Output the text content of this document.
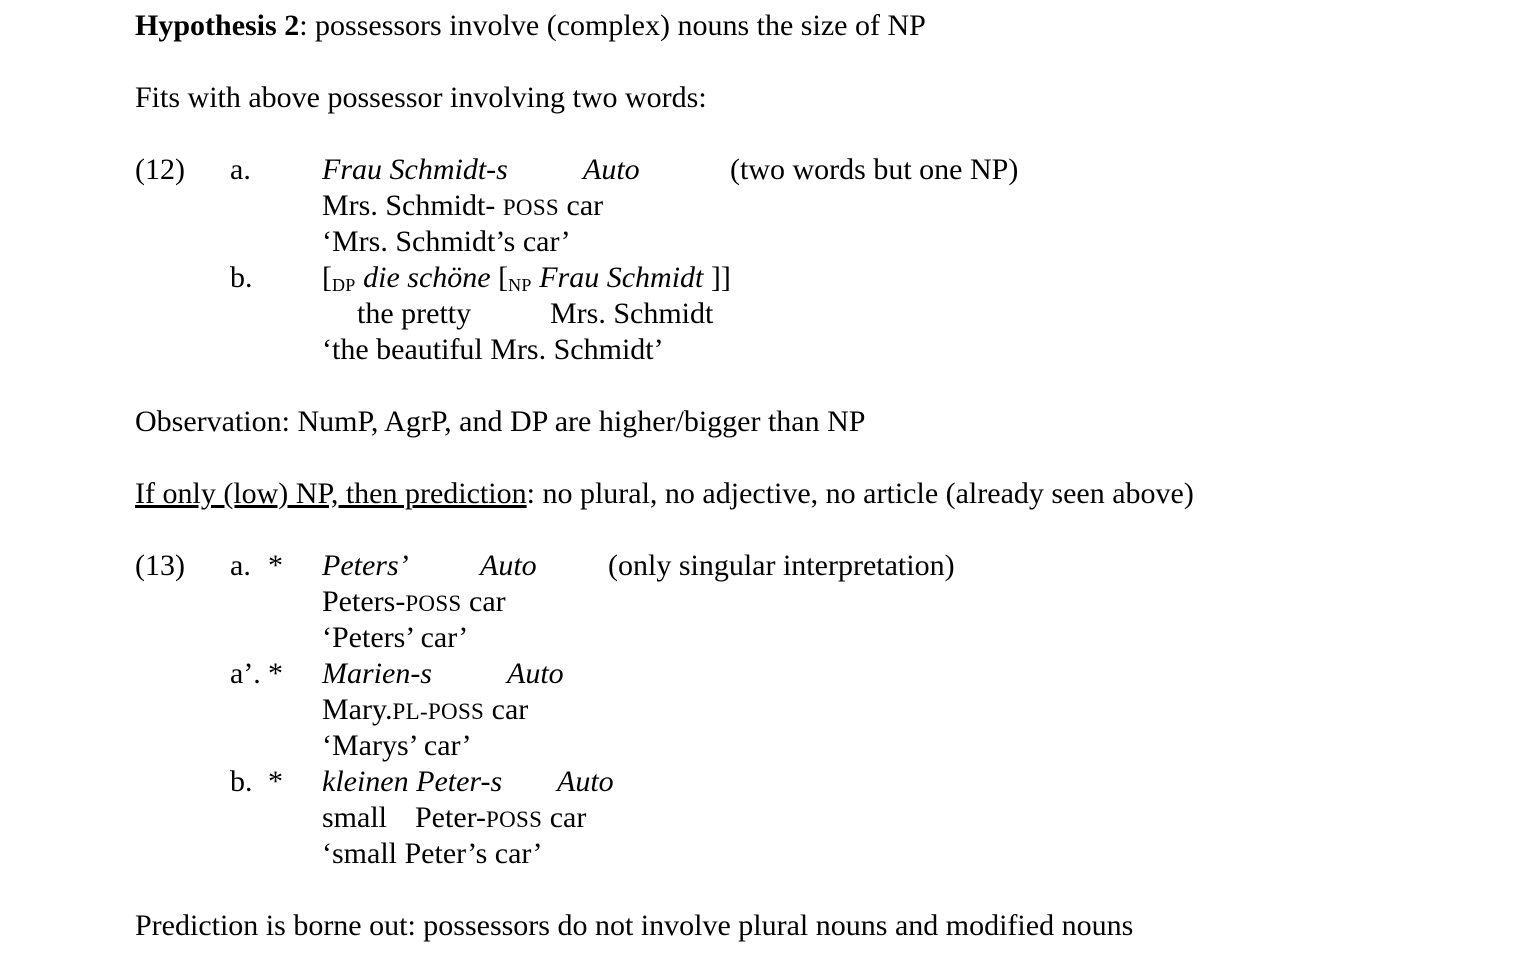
Hypothesis 2: possessors involve (complex) nouns the size of NP
Fits with above possessor involving two words:
(12) a. Frau Schmidt-s	Auto	(two words but one NP)
Mrs. Schmidt- POSS car
‘Mrs. Schmidt’s car’
b. [DP die schöne [NP Frau Schmidt ]]
the pretty	Mrs. Schmidt
‘the beautiful Mrs. Schmidt’
Observation: NumP, AgrP, and DP are higher/bigger than NP
If only (low) NP, then prediction: no plural, no adjective, no article (already seen above)
(13) a. * Peters’ Auto (only singular interpretation)
Peters-POSS car
‘Peters’ car’
a’. * Marien-s	Auto
Mary.PL-POSS car
‘Marys’ car’
b. * kleinen Peter-s Auto
small Peter-POSS car
‘small Peter’s car’
Prediction is borne out: possessors do not involve plural nouns and modified nouns
